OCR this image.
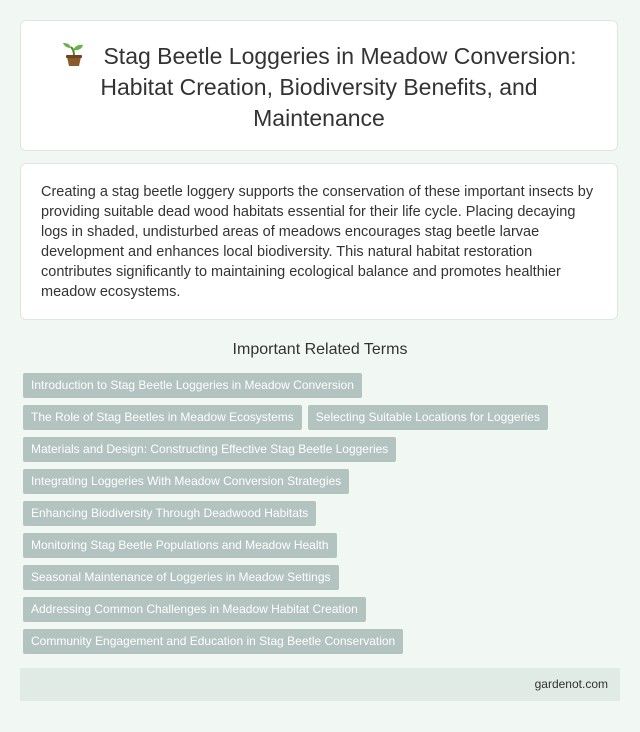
Stag Beetle Loggeries in Meadow Conversion: Habitat Creation, Biodiversity Benefits, and Maintenance

Creating a stag beetle loggery supports the conservation of these important insects by providing suitable dead wood habitats essential for their life cycle. Placing decaying logs in shaded, undisturbed areas of meadows encourages stag beetle larvae development and enhances local biodiversity. This natural habitat restoration contributes significantly to maintaining ecological balance and promotes healthier meadow ecosystems.

Important Related Terms
Introduction to Stag Beetle Loggeries in Meadow Conversion
The Role of Stag Beetles in Meadow Ecosystems Selecting Suitable Locations for Loggeries
Materials and Design: Constructing Effective Stag Beetle Loggeries
Integrating Loggeries With Meadow Conversion Strategies
Enhancing Biodiversity Through Deadwood Habitats
Monitoring Stag Beetle Populations and Meadow Health
Seasonal Maintenance of Loggeries in Meadow Settings
Addressing Common Challenges in Meadow Habitat Creation
Community Engagement and Education in Stag Beetle Conservation
gardenot.com
